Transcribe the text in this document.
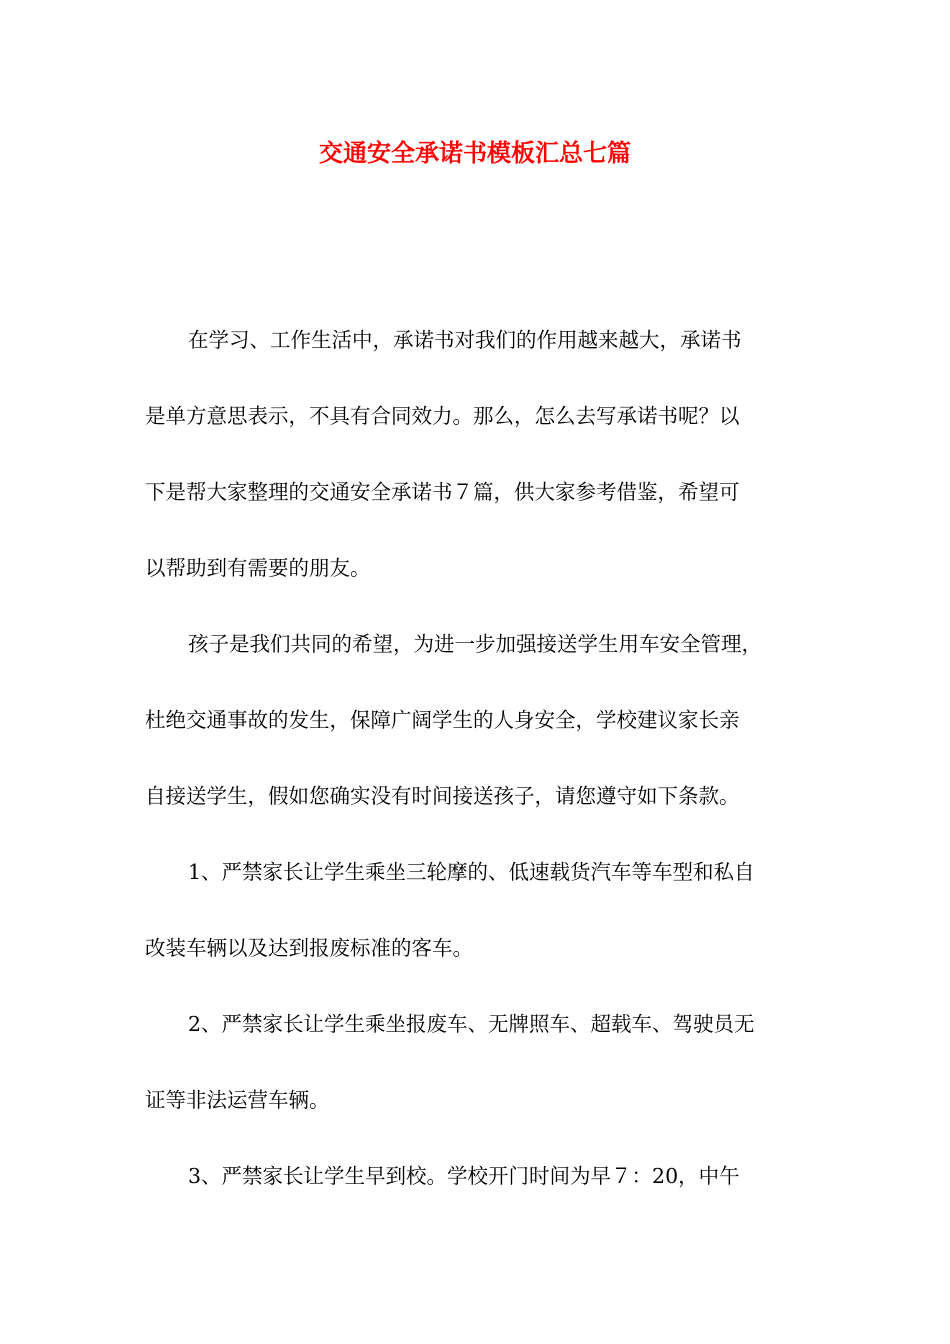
交通安全承诺书模板汇总七篇

在学习、工作生活中，承诺书对我们的作用越来越大，承诺书

是单方意思表示，不具有合同效力。那么，怎么去写承诺书呢？以

下是帮大家整理的交通安全承诺书７篇，供大家参考借鉴，希望可

以帮助到有需要的朋友。

孩子是我们共同的希望，为进一步加强接送学生用车安全管理，

杜绝交通事故的发生，保障广阔学生的人身安全，学校建议家长亲

自接送学生，假如您确实没有时间接送孩子，请您遵守如下条款。

1、严禁家长让学生乘坐三轮摩的、低速载货汽车等车型和私自

改装车辆以及达到报废标准的客车。

2、严禁家长让学生乘坐报废车、无牌照车、超载车、驾驶员无

证等非法运营车辆。

3、严禁家长让学生早到校。学校开门时间为早７：20，中午
